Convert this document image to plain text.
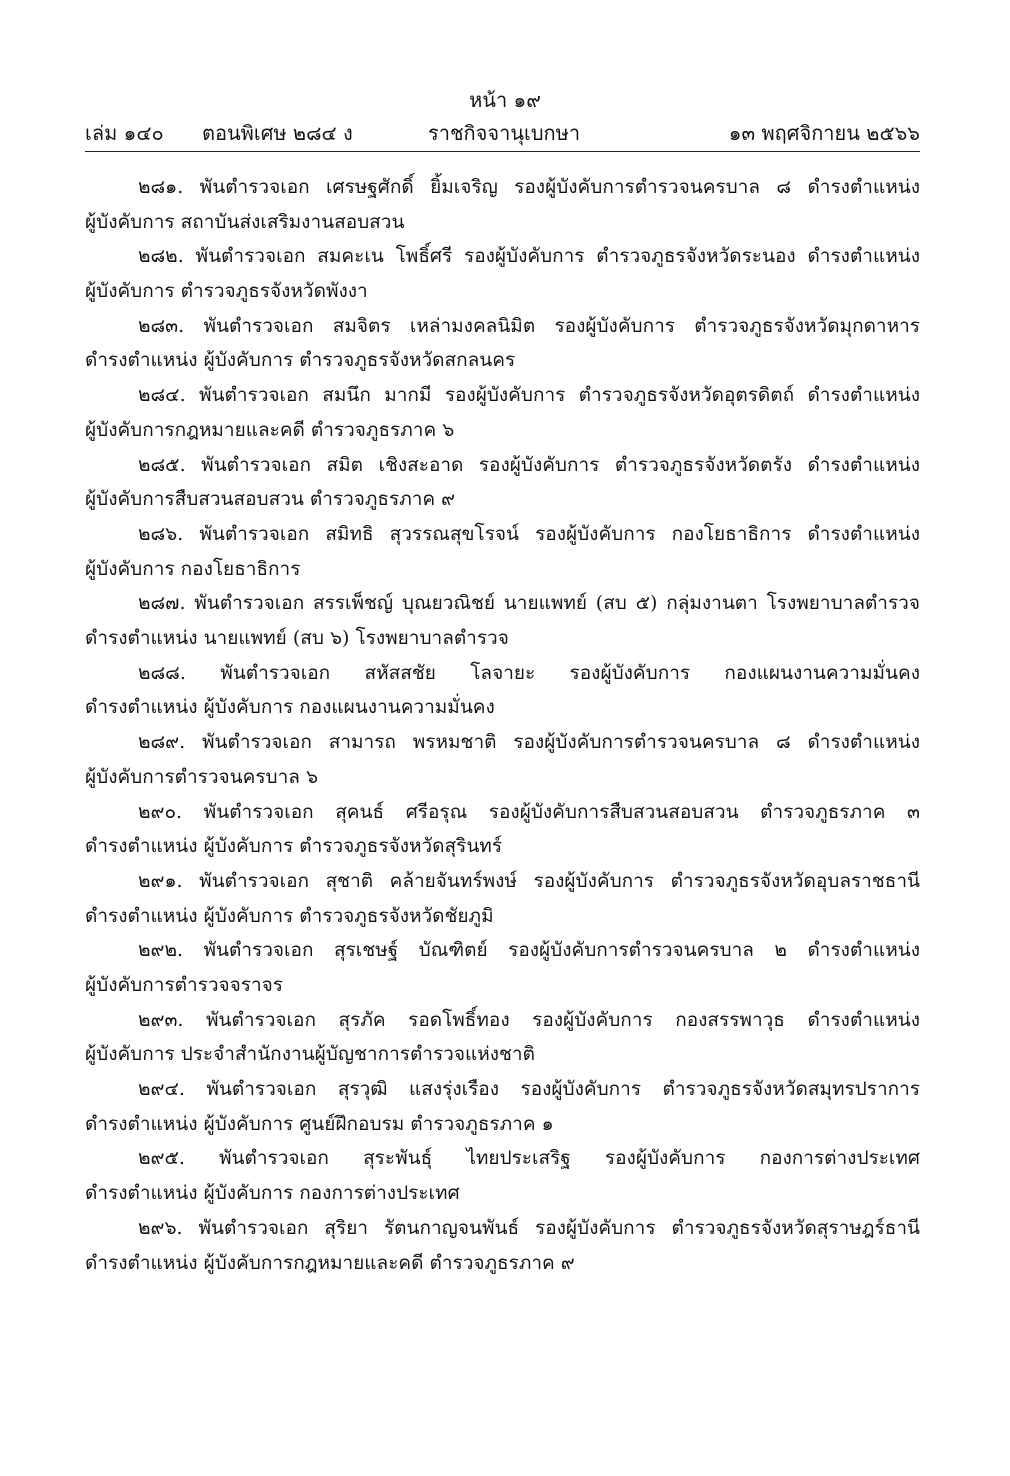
หน้า ๑๙
เล่ม ๑๔๐ ตอนพิเศษ ๒๘๔ ง	ราชกิจจานุเบกษา	๑๓ พฤศจิกายน ๒๕๖๖

๒๘๑. พันตำรวจเอก เศรษฐศักดิ์ ยิ้มเจริญ รองผู้บังคับการตำรวจนครบาล ๘ ดำรงตำแหน่ง

ผู้บังคับการ สถาบันส่งเสริมงานสอบสวน

๒๘๒. พันตำรวจเอก สมคะเน โพธิ์ศรี รองผู้บังคับการ ตำรวจภูธรจังหวัดระนอง ดำรงตำแหน่ง

ผู้บังคับการ ตำรวจภูธรจังหวัดพังงา

๒๘๓. พันตำรวจเอก สมจิตร เหล่ามงคลนิมิต รองผู้บังคับการ ตำรวจภูธรจังหวัดมุกดาหาร

ดำรงตำแหน่ง ผู้บังคับการ ตำรวจภูธรจังหวัดสกลนคร

๒๘๔. พันตำรวจเอก สมนึก มากมี รองผู้บังคับการ ตำรวจภูธรจังหวัดอุตรดิตถ์ ดำรงตำแหน่ง

ผู้บังคับการกฎหมายและคดี ตำรวจภูธรภาค ๖

๒๘๕. พันตำรวจเอก สมิต เชิงสะอาด รองผู้บังคับการ ตำรวจภูธรจังหวัดตรัง ดำรงตำแหน่ง

ผู้บังคับการสืบสวนสอบสวน ตำรวจภูธรภาค ๙

๒๘๖. พันตำรวจเอก สมิทธิ สุวรรณสุขโรจน์ รองผู้บังคับการ กองโยธาธิการ ดำรงตำแหน่ง

ผู้บังคับการ กองโยธาธิการ

๒๘๗. พันตำรวจเอก สรรเพ็ชญ์ บุณยวณิชย์ นายแพทย์ (สบ ๕) กลุ่มงานตา โรงพยาบาลตำรวจ

ดำรงตำแหน่ง นายแพทย์ (สบ ๖) โรงพยาบาลตำรวจ

๒๘๘. พันตำรวจเอก สหัสสชัย โลจายะ รองผู้บังคับการ กองแผนงานความมั่นคง

ดำรงตำแหน่ง ผู้บังคับการ กองแผนงานความมั่นคง

๒๘๙. พันตำรวจเอก สามารถ พรหมชาติ รองผู้บังคับการตำรวจนครบาล ๘ ดำรงตำแหน่ง

ผู้บังคับการตำรวจนครบาล ๖

๒๙๐. พันตำรวจเอก สุคนธ์ ศรีอรุณ รองผู้บังคับการสืบสวนสอบสวน ตำรวจภูธรภาค ๓

ดำรงตำแหน่ง ผู้บังคับการ ตำรวจภูธรจังหวัดสุรินทร์

๒๙๑. พันตำรวจเอก สุชาติ คล้ายจันทร์พงษ์ รองผู้บังคับการ ตำรวจภูธรจังหวัดอุบลราชธานี

ดำรงตำแหน่ง ผู้บังคับการ ตำรวจภูธรจังหวัดชัยภูมิ

๒๙๒. พันตำรวจเอก สุรเชษฐ์ บัณฑิตย์ รองผู้บังคับการตำรวจนครบาล ๒ ดำรงตำแหน่ง

ผู้บังคับการตำรวจจราจร

๒๙๓. พันตำรวจเอก สุรภัค รอดโพธิ์ทอง รองผู้บังคับการ กองสรรพาวุธ ดำรงตำแหน่ง

ผู้บังคับการ ประจำสำนักงานผู้บัญชาการตำรวจแห่งชาติ

๒๙๔. พันตำรวจเอก สุรวุฒิ แสงรุ่งเรือง รองผู้บังคับการ ตำรวจภูธรจังหวัดสมุทรปราการ

ดำรงตำแหน่ง ผู้บังคับการ ศูนย์ฝึกอบรม ตำรวจภูธรภาค ๑

๒๙๕. พันตำรวจเอก สุระพันธุ์ ไทยประเสริฐ รองผู้บังคับการ กองการต่างประเทศ

ดำรงตำแหน่ง ผู้บังคับการ กองการต่างประเทศ

๒๙๖. พันตำรวจเอก สุริยา รัตนกาญจนพันธ์ รองผู้บังคับการ ตำรวจภูธรจังหวัดสุราษฎร์ธานี

ดำรงตำแหน่ง ผู้บังคับการกฎหมายและคดี ตำรวจภูธรภาค ๙
